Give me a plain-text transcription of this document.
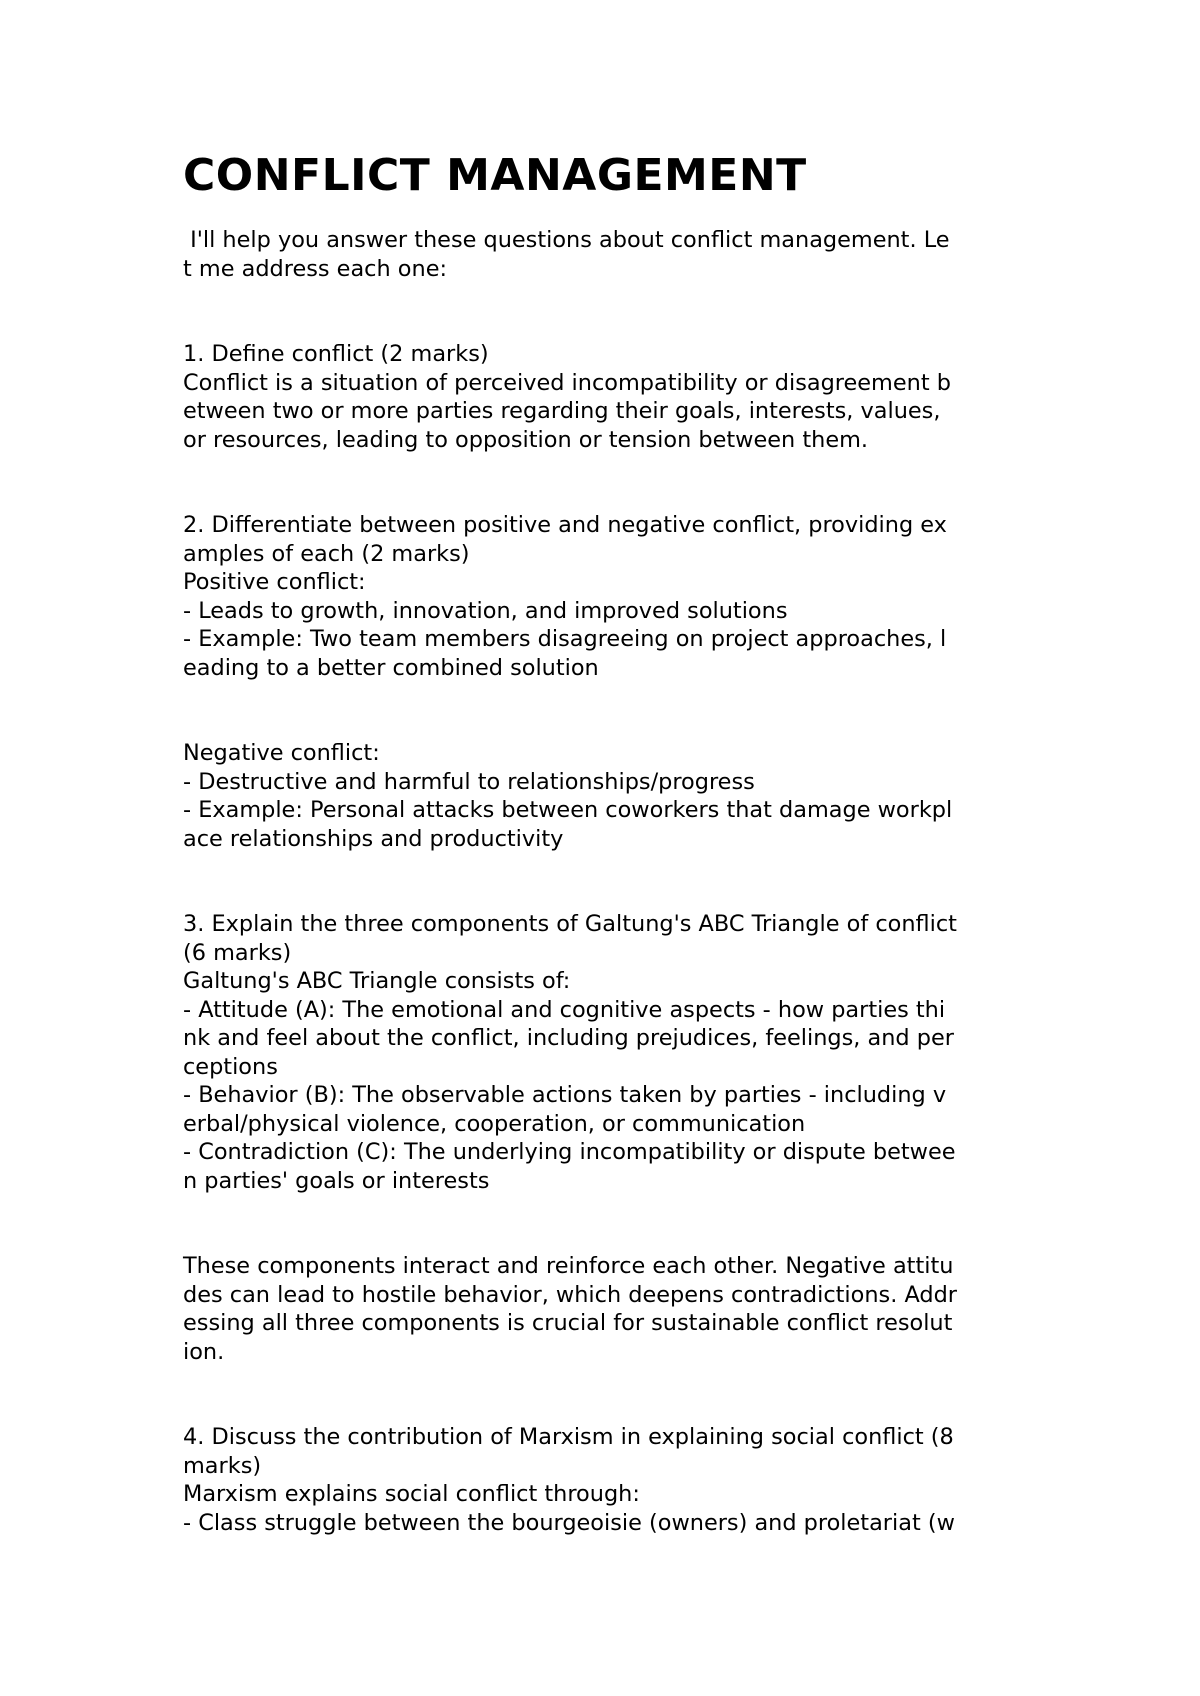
CONFLICT MANAGEMENT
I'll help you answer these questions about conflict management. Le
t me address each one:
1. Define conflict (2 marks)
Conflict is a situation of perceived incompatibility or disagreement b
etween two or more parties regarding their goals, interests, values,
or resources, leading to opposition or tension between them.
2. Differentiate between positive and negative conflict, providing ex
amples of each (2 marks)
Positive conflict:
- Leads to growth, innovation, and improved solutions
- Example: Two team members disagreeing on project approaches, l
eading to a better combined solution
Negative conflict:
- Destructive and harmful to relationships/progress
- Example: Personal attacks between coworkers that damage workpl
ace relationships and productivity
3. Explain the three components of Galtung's ABC Triangle of conflict
(6 marks)
Galtung's ABC Triangle consists of:
- Attitude (A): The emotional and cognitive aspects - how parties thi
nk and feel about the conflict, including prejudices, feelings, and per
ceptions
- Behavior (B): The observable actions taken by parties - including v
erbal/physical violence, cooperation, or communication
- Contradiction (C): The underlying incompatibility or dispute betwee
n parties' goals or interests
These components interact and reinforce each other. Negative attitu
des can lead to hostile behavior, which deepens contradictions. Addr
essing all three components is crucial for sustainable conflict resolut
ion.
4. Discuss the contribution of Marxism in explaining social conflict (8
marks)
Marxism explains social conflict through:
- Class struggle between the bourgeoisie (owners) and proletariat (w
